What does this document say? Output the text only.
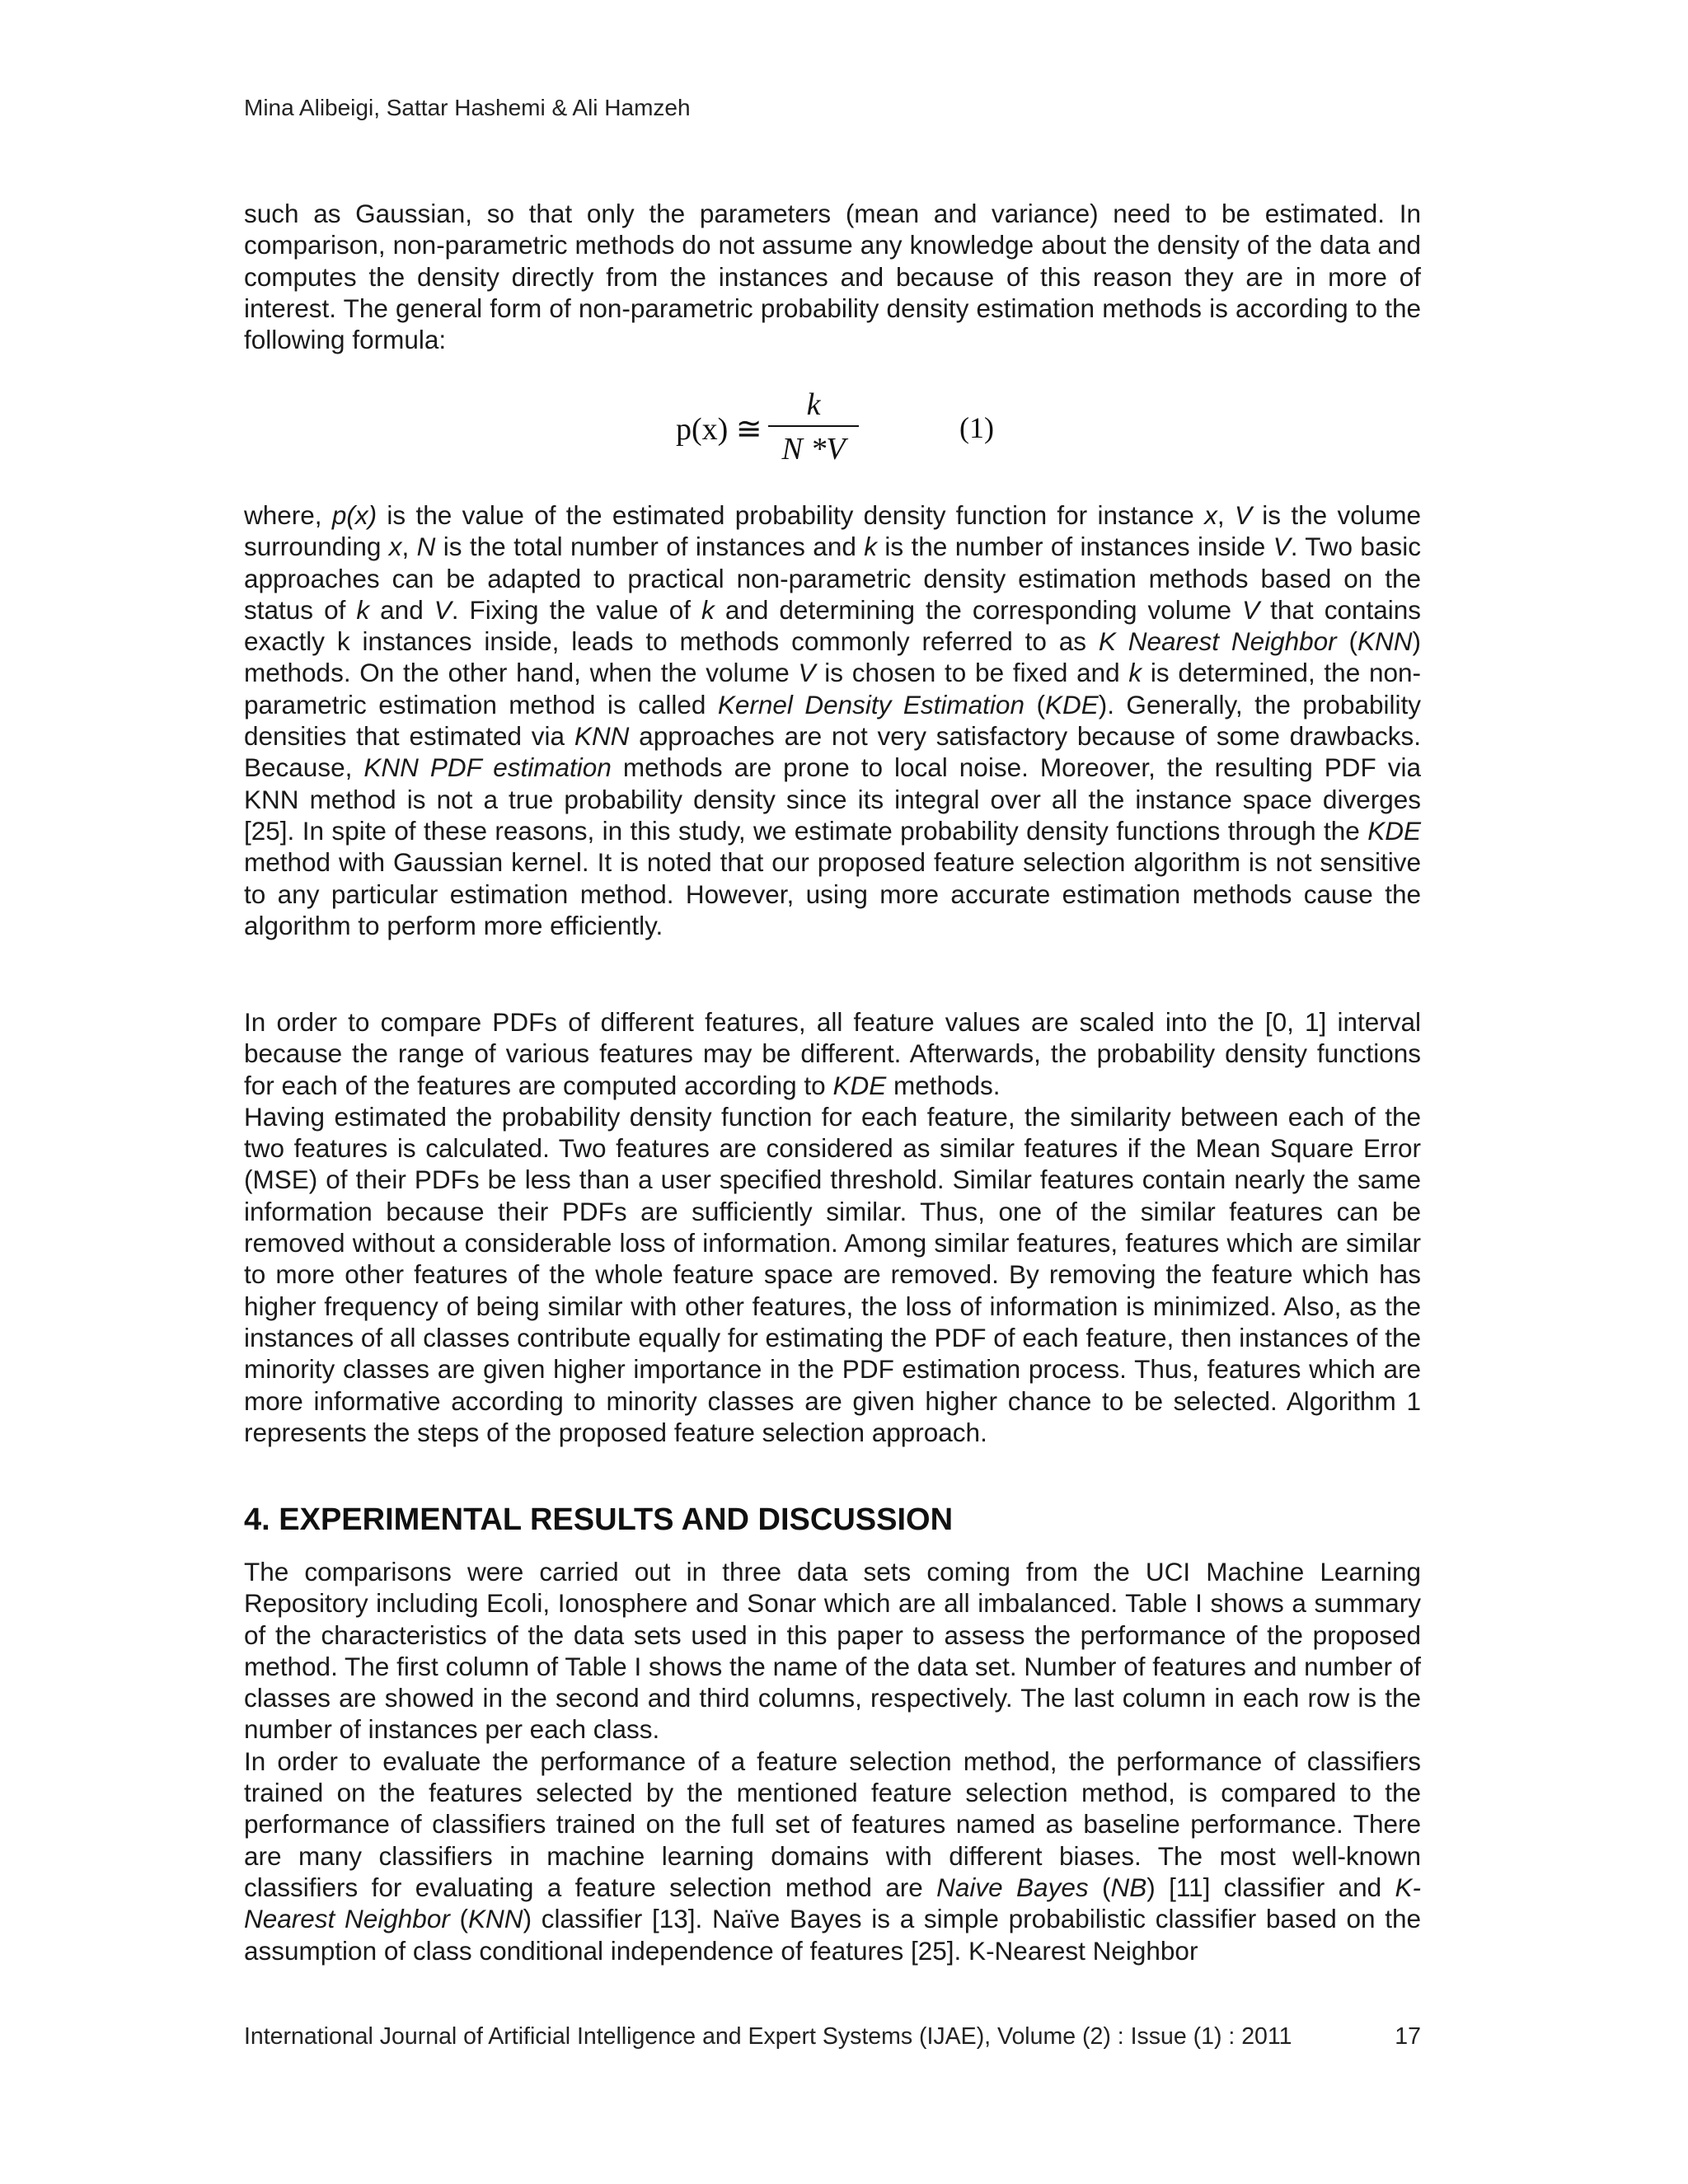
Mina Alibeigi, Sattar Hashemi & Ali Hamzeh

such as Gaussian, so that only the parameters (mean and variance) need to be estimated. In comparison, non-parametric methods do not assume any knowledge about the density of the data and computes the density directly from the instances and because of this reason they are in more of interest. The general form of non-parametric probability density estimation methods is according to the following formula:

p(x) ≅
k
N *V
(1)

where, p(x) is the value of the estimated probability density function for instance x, V is the volume surrounding x, N is the total number of instances and k is the number of instances inside V. Two basic approaches can be adapted to practical non-parametric density estimation methods based on the status of k and V. Fixing the value of k and determining the corresponding volume V that contains exactly k instances inside, leads to methods commonly referred to as K Nearest Neighbor (KNN) methods. On the other hand, when the volume V is chosen to be fixed and k is determined, the non-parametric estimation method is called Kernel Density Estimation (KDE). Generally, the probability densities that estimated via KNN approaches are not very satisfactory because of some drawbacks. Because, KNN PDF estimation methods are prone to local noise. Moreover, the resulting PDF via KNN method is not a true probability density since its integral over all the instance space diverges [25]. In spite of these reasons, in this study, we estimate probability density functions through the KDE method with Gaussian kernel. It is noted that our proposed feature selection algorithm is not sensitive to any particular estimation method. However, using more accurate estimation methods cause the algorithm to perform more efficiently.

In order to compare PDFs of different features, all feature values are scaled into the [0, 1] interval because the range of various features may be different. Afterwards, the probability density functions for each of the features are computed according to KDE methods.

Having estimated the probability density function for each feature, the similarity between each of the two features is calculated. Two features are considered as similar features if the Mean Square Error (MSE) of their PDFs be less than a user specified threshold. Similar features contain nearly the same information because their PDFs are sufficiently similar. Thus, one of the similar features can be removed without a considerable loss of information. Among similar features, features which are similar to more other features of the whole feature space are removed. By removing the feature which has higher frequency of being similar with other features, the loss of information is minimized. Also, as the instances of all classes contribute equally for estimating the PDF of each feature, then instances of the minority classes are given higher importance in the PDF estimation process. Thus, features which are more informative according to minority classes are given higher chance to be selected. Algorithm 1 represents the steps of the proposed feature selection approach.

4. EXPERIMENTAL RESULTS AND DISCUSSION

The comparisons were carried out in three data sets coming from the UCI Machine Learning Repository including Ecoli, Ionosphere and Sonar which are all imbalanced. Table I shows a summary of the characteristics of the data sets used in this paper to assess the performance of the proposed method. The first column of Table I shows the name of the data set. Number of features and number of classes are showed in the second and third columns, respectively. The last column in each row is the number of instances per each class.

In order to evaluate the performance of a feature selection method, the performance of classifiers trained on the features selected by the mentioned feature selection method, is compared to the performance of classifiers trained on the full set of features named as baseline performance. There are many classifiers in machine learning domains with different biases. The most well-known classifiers for evaluating a feature selection method are Naive Bayes (NB) [11] classifier and K- Nearest Neighbor (KNN) classifier [13]. Naïve Bayes is a simple probabilistic classifier based on the assumption of class conditional independence of features [25]. K-Nearest Neighbor

International Journal of Artificial Intelligence and Expert Systems (IJAE), Volume (2) : Issue (1) : 2011	17
